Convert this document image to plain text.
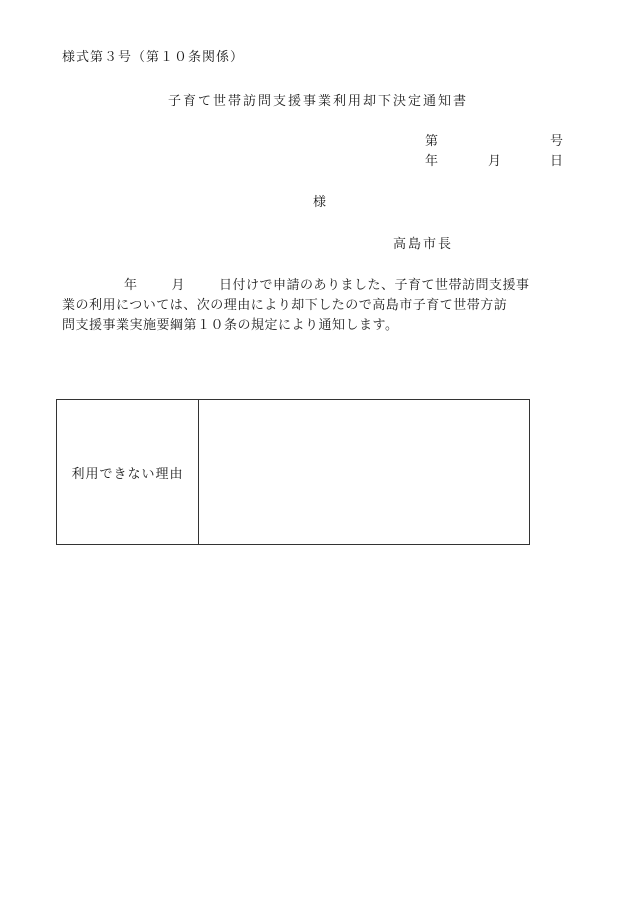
様式第３号（第１０条関係）
子育て世帯訪問支援事業利用却下決定通知書
第	号
年	月	日
様
高島市長
年	月	日付けで申請のありました、子育て世帯訪問支援事
業の利用については、次の理由により却下したので高島市子育て世帯方訪
問支援事業実施要綱第１０条の規定により通知します。
利用できない理由	
